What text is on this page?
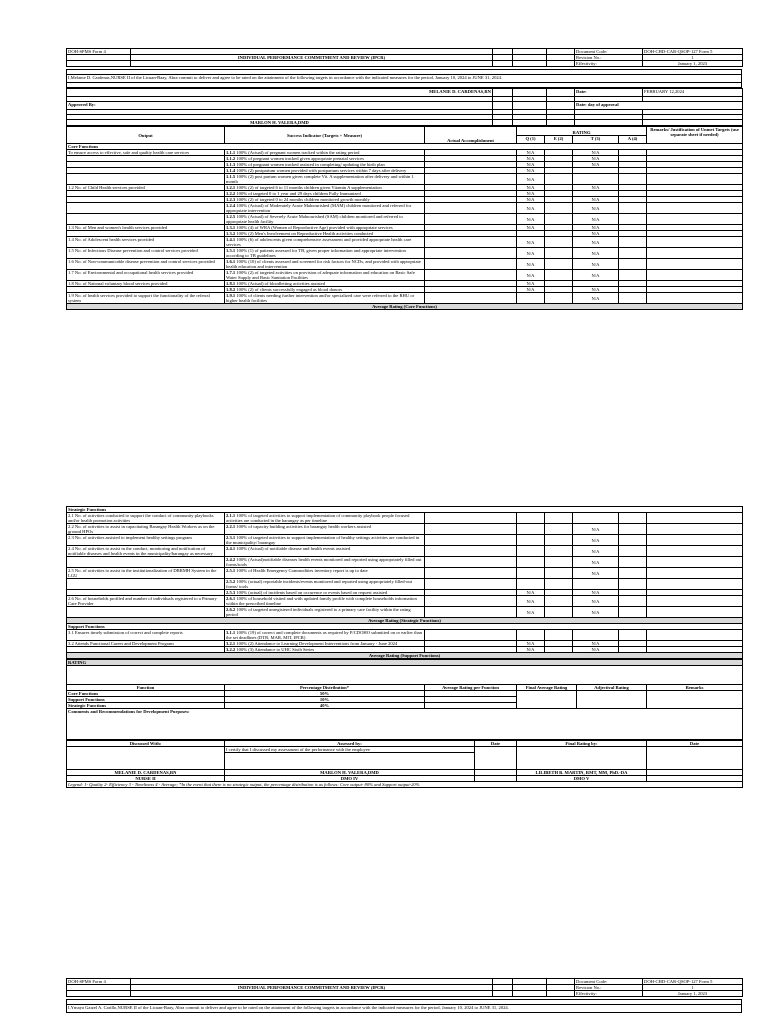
DOH-SPMS Form 4					Document Code:	DOH-CHD-CAR-QSOP-127 Form 5
	INDIVIDUAL PERFORMANCE COMMITMENT AND REVIEW (IPCR)				Revision No.:	1
					Effectivity:	January 1, 2023

I,Melanie D. Cardenas,NURSE II of the Licuan-Baay, Abra commit to deliver and agree to be rated on the attainment of the following targets in accordance with the indicated measures for the period, January 10, 2024 to JUNE 31, 2024.

MELANIE D. CARDENAS,RN				Date:	FEBRUARY 12,2024

Approved By:				Date: day of approval	

MARLON H. VALERA,DMD					
Output	Success Indicator (Targets + Measure)	Actual Accomplishment	RATING				Remarks/ Justification of Unmet Targets (use separate sheet if needed)
			Q (1)	E (2)	T (3)	A (4)	
Core Functions							
To ensure access to effective, safe and quality health care services	1.1.1 100% (Actual) of pregnant women tracked within the rating period		N/A		N/A		
	1.1.2 100% of pregnant women tracked given appropriate prenatal services		N/A		N/A		
	1.1.3 100% of pregnant women tracked assisted in completing/ updating the birth plan		N/A		N/A		
	1.1.4 100% (2) postpartum women provided with postpartum services within 7 days after delivery		N/A				
	1.1.5 100% (2) post partum women given complete Vit. A supplementation after delivery and within 1 month		N/A				
1.2 No. of Child Health services provided	1.2.1 100% (2) of targeted 6 to 11 months children given Vitamin A supplementation		N/A		N/A		
	1.2.2 100% of targeted 0 to 1 year and 29 days children Fully Immunized		N/A				
	1.2.3 100% (2) of targeted 0 to 24 months children monitored growth monthly		N/A		N/A		
	1.2.4 100% (Actual) of Moderately Acute Malnourished (MAM) children monitored and referred for appropriate intervention		N/A		N/A		
	1.2.5 100% (Actual) of Severely Acute Malnourished (SAM) children monitored and referred to appropriate health facility		N/A		N/A		
1.3 No. of Men and women's health services provided	1.3.1 100% (4) of WRA (Women of Reproductive Age) provided with appropriate services		N/A		N/A		
	1.3.2 100% (2) Men's Involvement on Reproductive Health activities conducted				N/A		
1.4 No. of Adolescent health services provided	1.4.1 100% (6) of adolescents given comprehensive assessment and provided appropriate health care services		N/A		N/A		
1.5 No. of Infectious Disease prevention and control services provided	1.5.1 100% (1) of patients assessed for TB, given proper information and appropriate intervention according to TB guidelines		N/A		N/A		
1.6 No. of Non-communicable disease prevention and control services provided	1.6.1 100% (10) of clients assessed and screened for risk factors for NCDs, and provided with appropriate health education and intervention		N/A		N/A		
1.7 No. of Environmental and occupational health services provided	1.7.1 100% (2) of targeted activities on provision of adequate information and education on Basic Safe Water Supply and Basic Sanitation Facilities		N/A		N/A		
1.8 No. of National voluntary blood services provided	1.8.1 100% (Actual) of bloodletting activities assisted		N/A				
	1.8.2 100% (2) of clients successfully engaged as blood donors		N/A		N/A		
1.9 No. of health services provided to support the functionality of the referral system	1.9.1 100% of clients needing further intervention and/or specialized care were referred to the RHU or higher health facilities				N/A		
Average Rating (Core Functions)							
Strategic Functions							
2.1 No. of activities conducted to support the conduct of community playbooks and/or health promotion activities	2.1.1 100% of targeted activities to support implementation of community playbook people focused activities are conducted in the barangay as per timeline						
2.2 No. of activities to assist in capacitating Barangay Health Workers as on the ground HPOs	2.2.1 100% of capacity building activities for barangay health workers assisted				N/A		
2.3 No. of activities assisted to implement healthy settings program	2.3.1 100% of targeted activities to support implementation of healthy settings activities are conducted in the municipality/ barangay				N/A		
2.4 No. of activities to assist in the conduct, monitoring and notification of notifiable diseases and health events in the municipality/barangay as necessary	2.4.1 100% (Actual) of notifiable disease and health events assisted				N/A		
	2.4.2 100% (Actual)notifiable diseases health events monitored and reported using appropriately filled out forms/tools				N/A		
2.5 No. of activities to assist in the institutionalization of DRRMH System in the LGU	2.5.1 100% of Health Emergency Commodities inventory report is up to date				N/A		
	2.5.2 100% (actual) reportable incidents/events monitored and reported using appropriately filled-out forms/ tools						
	2.5.3 100% (actual) of incidents based on occurence or events based on request assisted		N/A		N/A		
2.6 No. of households profiled and number of individuals registered to a Primary Care Provider	2.6.1 100% of household visited and with updated family profile with complete households information within the prescribed timeline		N/A		N/A		
	2.6.2 100% of targeted unregistered individuals registered to a primary care facility within the rating period		N/A		N/A		
Average Rating (Strategic Functions)							
Support Functions							
3.1 Ensures timely submission of correct and complete reports	3.1.1 100% (19) of correct and complete documents as required by P/CDOHO submitted on or earlier than the set deadlines (DTR, MAR, MIT, IPCR)						
3.2 Attends Functional Career and Development Program	3.2.1 100% (2) Attendance to Learning Development Interventions from January - June 2024		N/A		N/A		
	3.2.2 100% (3) Attendance to UHC Sixth Series		N/A		N/A		
Average Rating (Support Functions)							
RATING					

Function	Percentage Distribution*	Average Rating per Function	Final Average Rating	Adjectival Rating	Remarks
Core Functions	50%				
Support Functions	10%				
Strategic Functions	40%				
Comments and Recommendations for Development Purposes:					

Discussed With:	Assessed by:	Date	Final Rating by:	Date
	I certify that I discussed my assessment of the performance with the employee			

MELANIE D. CARDENAS,RN	MARLON H. VALERA,DMD		LILIBETH B. MARTIN, RMT, MM, PhD.-DA	
NURSE II	DMO IV		DMO V	
Legend: 1- Quality 2- Efficiency 3 - Timeliness 4 - Average; *In the event that there is no strategic output, the percentage distribution is as follows: Core output- 80% and Support output-20%				
DOH-SPMS Form 4					Document Code:	DOH-CHD-CAR-QSOP-127 Form 5
	INDIVIDUAL PERFORMANCE COMMITMENT AND REVIEW (IPCR)				Revision No.:	1
					Effectivity:	January 1, 2023

I,Ymaya Gaizel A. Carillo,NURSE II of the Licuan-Baay, Abra commit to deliver and agree to be rated on the attainment of the following targets in accordance with the indicated measures for the period, January 10, 2024 to JUNE 31, 2024.
